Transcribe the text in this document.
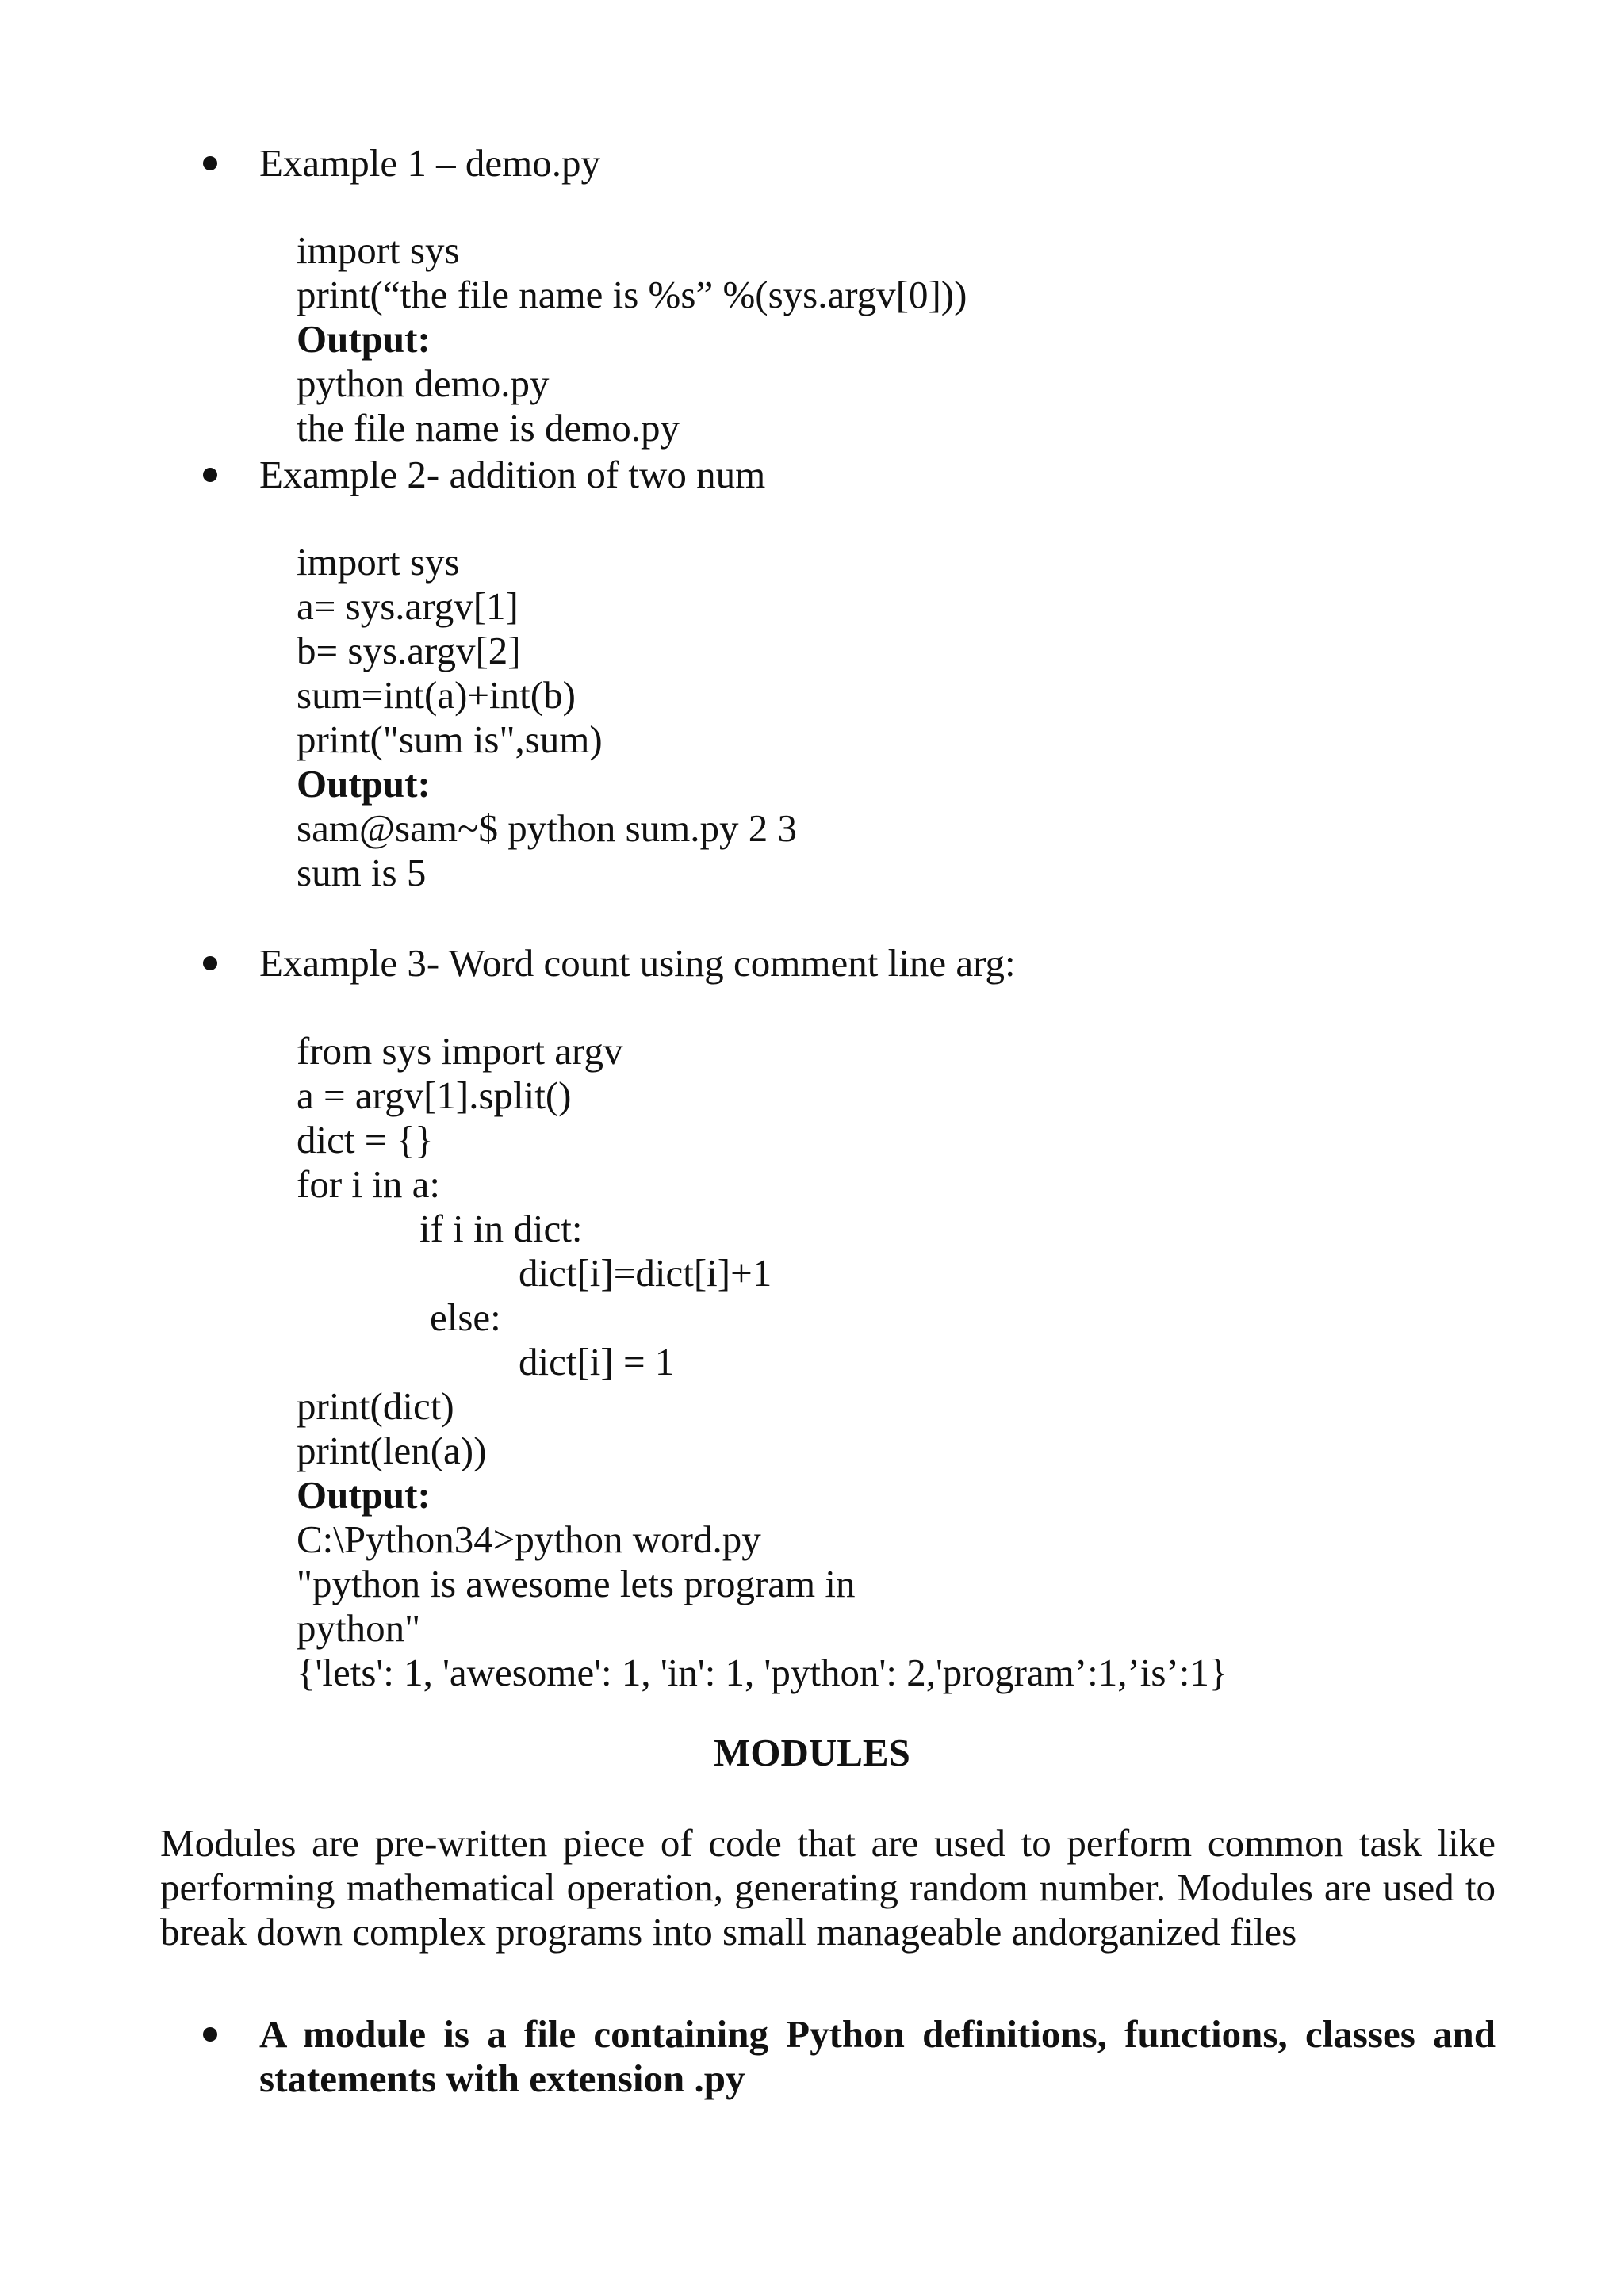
Example 1 – demo.py
import sys
print(“the file name is %s” %(sys.argv[0]))
Output:
python demo.py
the file name is demo.py
Example 2- addition of two num
import sys
a= sys.argv[1]
b= sys.argv[2]
sum=int(a)+int(b)
print("sum is",sum)
Output:
sam@sam~$ python sum.py 2 3
sum is 5
Example 3- Word count using comment line arg:
from sys import argv
a = argv[1].split()
dict = {}
for i in a:
if i in dict:
dict[i]=dict[i]+1
else:
dict[i] = 1
print(dict)
print(len(a))
Output:
C:\Python34>python word.py
"python is awesome lets program in
python"
{'lets': 1, 'awesome': 1, 'in': 1, 'python': 2,'program’:1,’is’:1}
MODULES

Modules are pre-written piece of code that are used to perform common task like performing mathematical operation, generating random number. Modules are used to break down complex programs into small manageable andorganized files

A module is a file containing Python definitions, functions, classes and statements with extension .py
